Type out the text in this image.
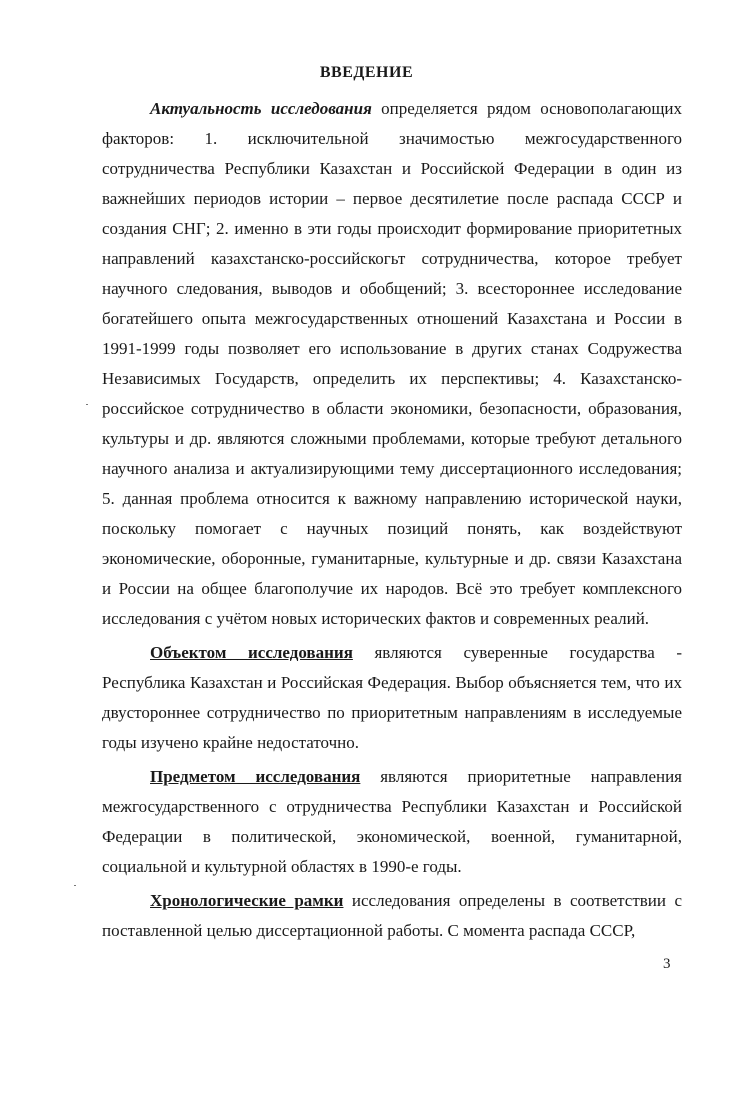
ВВЕДЕНИЕ

Актуальность исследования определяется рядом основополагающих факторов: 1. исключительной значимостью межгосударственного сотрудничества Республики Казахстан и Российской Федерации в один из важнейших периодов истории – первое десятилетие после распада СССР и создания СНГ; 2. именно в эти годы происходит формирование приоритетных направлений казахстанско-российскогьт сотрудничества, которое требует научного следования, выводов и обобщений; 3. всестороннее исследование богатейшего опыта межгосударственных отношений Казахстана и России в 1991-1999 годы позволяет его использование в других станах Содружества Независимых Государств, определить их перспективы; 4. Казахстанско-российское сотрудничество в области экономики, безопасности, образования, культуры и др. являются сложными проблемами, которые требуют детального научного анализа и актуализирующими тему диссертационного исследования; 5. данная проблема относится к важному направлению исторической науки, поскольку помогает с научных позиций понять, как воздействуют экономические, оборонные, гуманитарные, культурные и др. связи Казахстана и России на общее благополучие их народов. Всё это требует комплексного исследования с учётом новых исторических фактов и современных реалий.

Объектом исследования являются суверенные государства - Республика Казахстан и Российская Федерация. Выбор объясняется тем, что их двустороннее сотрудничество по приоритетным направлениям в исследуемые годы изучено крайне недостаточно.

Предметом исследования являются приоритетные направления межгосударственного с отрудничества Республики Казахстан и Российской Федерации в политической, экономической, военной, гуманитарной, социальной и культурной областях в 1990-е годы.

Хронологические рамки исследования определены в соответствии с поставленной целью диссертационной работы. С момента распада СССР,

3
